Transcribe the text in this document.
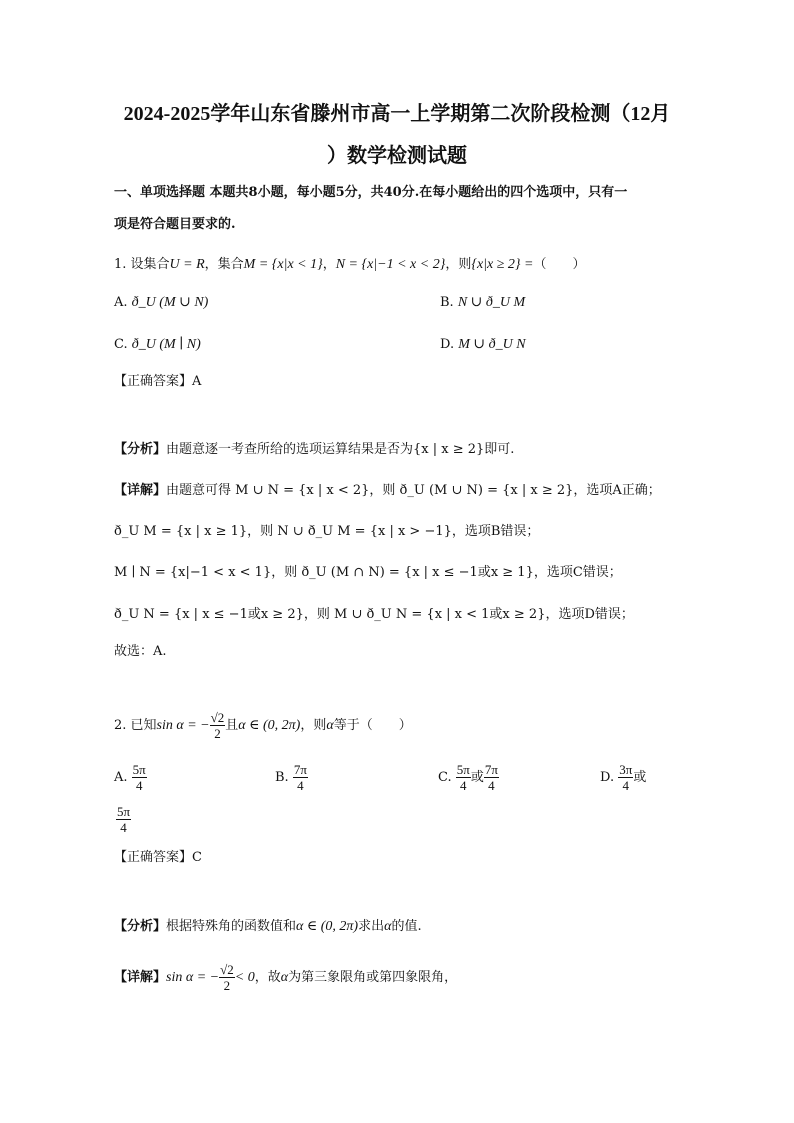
2024-2025学年山东省滕州市高一上学期第二次阶段检测（12月
）数学检测试题
一、单项选择题 本题共8小题，每小题5分，共40分.在每小题给出的四个选项中，只有一
项是符合题目要求的.
1. 设集合U = R，集合M = {x|x < 1}，N = {x|−1 < x < 2}，则{x|x ≥ 2} =（　　）
A. ð_U (M ∪ N)	B. N ∪ ð_U M
C. ð_U (M ∣ N)	D. M ∪ ð_U N
【正确答案】A
【分析】由题意逐一考查所给的选项运算结果是否为{x | x ≥ 2}即可.
【详解】由题意可得 M ∪ N = {x | x < 2}，则 ð_U (M ∪ N) = {x | x ≥ 2}，选项A正确；
ð_U M = {x | x ≥ 1}，则 N ∪ ð_U M = {x | x > −1}，选项B错误；
M ∣ N = {x|−1 < x < 1}，则 ð_U (M ∩ N) = {x | x ≤ −1或x ≥ 1}，选项C错误；
ð_U N = {x | x ≤ −1或x ≥ 2}，则 M ∪ ð_U N = {x | x < 1或x ≥ 2}，选项D错误；
故选：A.
2. 已知sin α = − $\frac{√2}{2}$ 且α ∈ (0, 2π)，则α等于（　　）
A. $\frac{5\pi}{4}$	B. $\frac{7\pi}{4}$	C. $\frac{5\pi}{4}$ 或 $\frac{7\pi}{4}$	D. $\frac{3\pi}{4}$ 或
$\frac{5\pi}{4}$
【正确答案】C
【分析】根据特殊角的函数值和α ∈ (0, 2π)求出α的值.
【详解】sin α = − $\frac{√2}{2} < 0$，故α为第三象限角或第四象限角，
